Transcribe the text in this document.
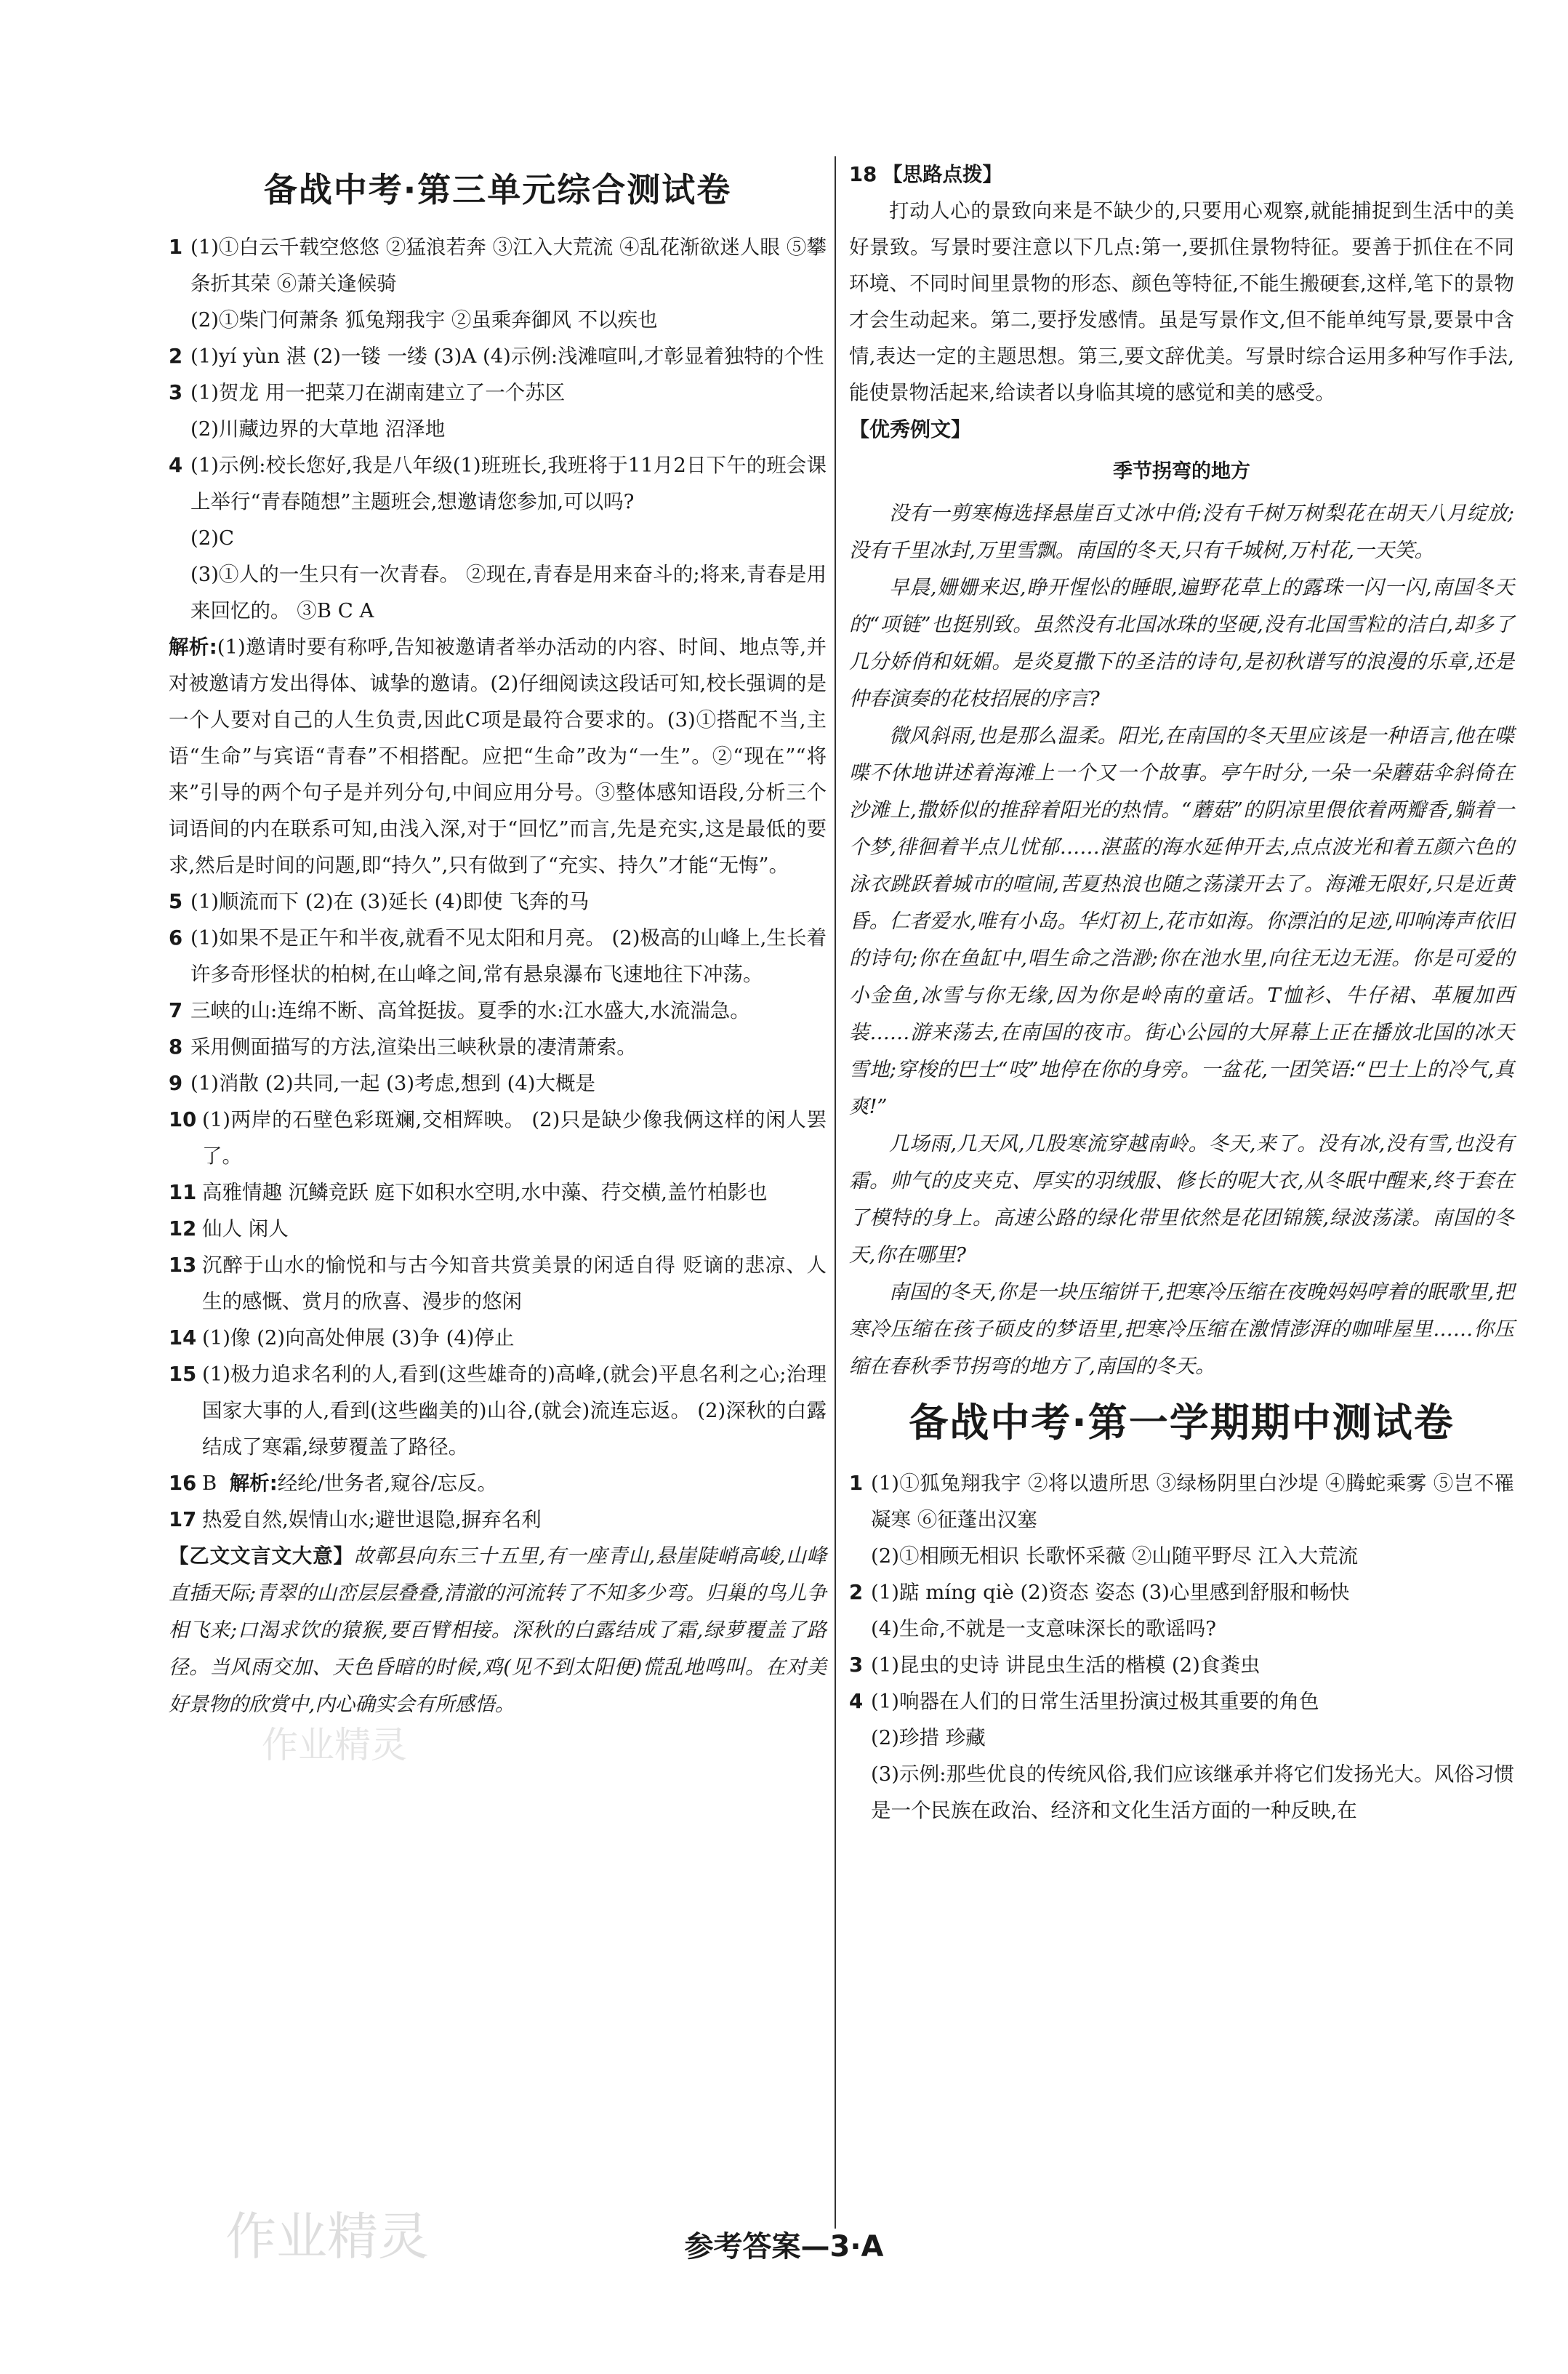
备战中考·第三单元综合测试卷
1 (1)①白云千载空悠悠 ②猛浪若奔 ③江入大荒流 ④乱花渐欲迷人眼 ⑤攀条折其荣 ⑥萧关逢候骑
(2)①柴门何萧条 狐兔翔我宇 ②虽乘奔御风 不以疾也
2 (1)yí yùn 湛 (2)一镂 一缕 (3)A (4)示例:浅滩喧叫,才彰显着独特的个性
3 (1)贺龙 用一把菜刀在湖南建立了一个苏区
(2)川藏边界的大草地 沼泽地
4 (1)示例:校长您好,我是八年级(1)班班长,我班将于11月2日下午的班会课上举行“青春随想”主题班会,想邀请您参加,可以吗?
(2)C
(3)①人的一生只有一次青春。 ②现在,青春是用来奋斗的;将来,青春是用来回忆的。 ③B C A

解析:(1)邀请时要有称呼,告知被邀请者举办活动的内容、时间、地点等,并对被邀请方发出得体、诚挚的邀请。(2)仔细阅读这段话可知,校长强调的是一个人要对自己的人生负责,因此C项是最符合要求的。(3)①搭配不当,主语“生命”与宾语“青春”不相搭配。应把“生命”改为“一生”。②“现在”“将来”引导的两个句子是并列分句,中间应用分号。③整体感知语段,分析三个词语间的内在联系可知,由浅入深,对于“回忆”而言,先是充实,这是最低的要求,然后是时间的问题,即“持久”,只有做到了“充实、持久”才能“无悔”。

5 (1)顺流而下 (2)在 (3)延长 (4)即使 飞奔的马
6 (1)如果不是正午和半夜,就看不见太阳和月亮。 (2)极高的山峰上,生长着许多奇形怪状的柏树,在山峰之间,常有悬泉瀑布飞速地往下冲荡。
7 三峡的山:连绵不断、高耸挺拔。夏季的水:江水盛大,水流湍急。
8 采用侧面描写的方法,渲染出三峡秋景的凄清萧索。
9 (1)消散 (2)共同,一起 (3)考虑,想到 (4)大概是
10 (1)两岸的石壁色彩斑斓,交相辉映。 (2)只是缺少像我俩这样的闲人罢了。
11 高雅情趣 沉鳞竞跃 庭下如积水空明,水中藻、荇交横,盖竹柏影也
12 仙人 闲人
13 沉醉于山水的愉悦和与古今知音共赏美景的闲适自得 贬谪的悲凉、人生的感慨、赏月的欣喜、漫步的悠闲
14 (1)像 (2)向高处伸展 (3)争 (4)停止
15 (1)极力追求名利的人,看到(这些雄奇的)高峰,(就会)平息名利之心;治理国家大事的人,看到(这些幽美的)山谷,(就会)流连忘返。 (2)深秋的白露结成了寒霜,绿萝覆盖了路径。
16 B 解析:经纶/世务者,窥谷/忘反。
17 热爱自然,娱情山水;避世退隐,摒弃名利

【乙文文言文大意】故鄣县向东三十五里,有一座青山,悬崖陡峭高峻,山峰直插天际;青翠的山峦层层叠叠,清澈的河流转了不知多少弯。归巢的鸟儿争相飞来;口渴求饮的猿猴,要百臂相接。深秋的白露结成了霜,绿萝覆盖了路径。当风雨交加、天色昏暗的时候,鸡(见不到太阳便)慌乱地鸣叫。在对美好景物的欣赏中,内心确实会有所感悟。

18 【思路点拨】

打动人心的景致向来是不缺少的,只要用心观察,就能捕捉到生活中的美好景致。写景时要注意以下几点:第一,要抓住景物特征。要善于抓住在不同环境、不同时间里景物的形态、颜色等特征,不能生搬硬套,这样,笔下的景物才会生动起来。第二,要抒发感情。虽是写景作文,但不能单纯写景,要景中含情,表达一定的主题思想。第三,要文辞优美。写景时综合运用多种写作手法,能使景物活起来,给读者以身临其境的感觉和美的感受。

【优秀例文】
季节拐弯的地方

没有一剪寒梅选择悬崖百丈冰中俏;没有千树万树梨花在胡天八月绽放;没有千里冰封,万里雪飘。南国的冬天,只有千城树,万村花,一天笑。

早晨,姗姗来迟,睁开惺忪的睡眼,遍野花草上的露珠一闪一闪,南国冬天的“项链”也挺别致。虽然没有北国冰珠的坚硬,没有北国雪粒的洁白,却多了几分娇俏和妩媚。是炎夏撒下的圣洁的诗句,是初秋谱写的浪漫的乐章,还是仲春演奏的花枝招展的序言?

微风斜雨,也是那么温柔。阳光,在南国的冬天里应该是一种语言,他在喋喋不休地讲述着海滩上一个又一个故事。亭午时分,一朵一朵蘑菇伞斜倚在沙滩上,撒娇似的推辞着阳光的热情。“蘑菇”的阴凉里偎依着两瓣香,躺着一个梦,徘徊着半点儿忧郁……湛蓝的海水延伸开去,点点波光和着五颜六色的泳衣跳跃着城市的喧闹,苦夏热浪也随之荡漾开去了。海滩无限好,只是近黄昏。仁者爱水,唯有小岛。华灯初上,花市如海。你漂泊的足迹,叩响涛声依旧的诗句;你在鱼缸中,唱生命之浩渺;你在池水里,向往无边无涯。你是可爱的小金鱼,冰雪与你无缘,因为你是岭南的童话。T恤衫、牛仔裙、革履加西装……游来荡去,在南国的夜市。街心公园的大屏幕上正在播放北国的冰天雪地;穿梭的巴士“吱”地停在你的身旁。一盆花,一团笑语:“巴士上的冷气,真爽!”

几场雨,几天风,几股寒流穿越南岭。冬天,来了。没有冰,没有雪,也没有霜。帅气的皮夹克、厚实的羽绒服、修长的呢大衣,从冬眠中醒来,终于套在了模特的身上。高速公路的绿化带里依然是花团锦簇,绿波荡漾。南国的冬天,你在哪里?

南国的冬天,你是一块压缩饼干,把寒冷压缩在夜晚妈妈哼着的眠歌里,把寒冷压缩在孩子硕皮的梦语里,把寒冷压缩在激情澎湃的咖啡屋里……你压缩在春秋季节拐弯的地方了,南国的冬天。

备战中考·第一学期期中测试卷
1 (1)①狐兔翔我宇 ②将以遗所思 ③绿杨阴里白沙堤 ④腾蛇乘雾 ⑤岂不罹凝寒 ⑥征蓬出汉塞
(2)①相顾无相识 长歌怀采薇 ②山随平野尽 江入大荒流
2 (1)踮 míng qiè (2)资态 姿态 (3)心里感到舒服和畅快
(4)生命,不就是一支意味深长的歌谣吗?
3 (1)昆虫的史诗 讲昆虫生活的楷模 (2)食粪虫
4 (1)响器在人们的日常生活里扮演过极其重要的角色
(2)珍措 珍藏
(3)示例:那些优良的传统风俗,我们应该继承并将它们发扬光大。风俗习惯是一个民族在政治、经济和文化生活方面的一种反映,在
作业精灵
作业精灵	参考答案—3·A
